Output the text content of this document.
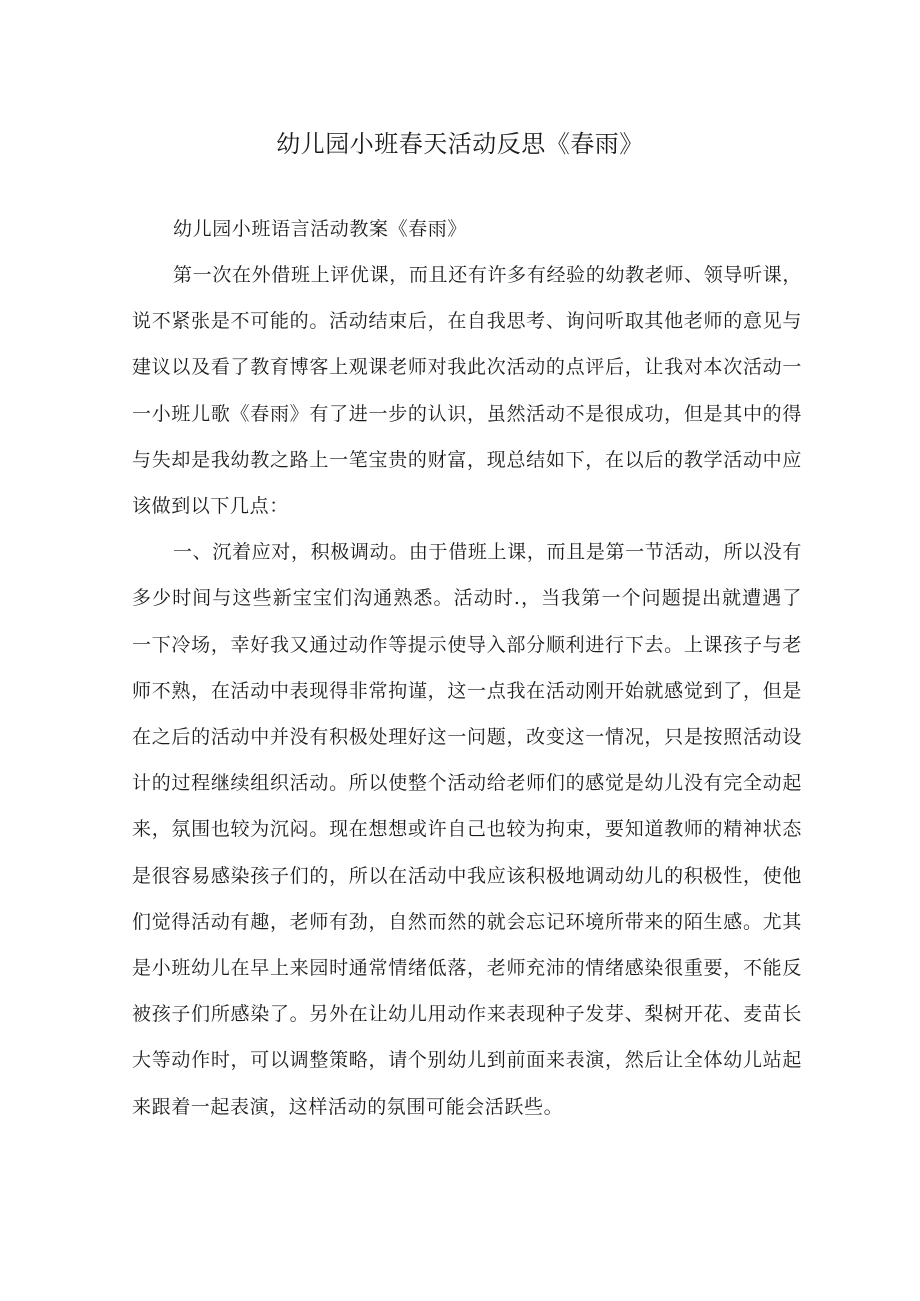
幼儿园小班春天活动反思《春雨》

幼儿园小班语言活动教案《春雨》

第一次在外借班上评优课，而且还有许多有经验的幼教老师、领导听课，说不紧张是不可能的。活动结束后，在自我思考、询问听取其他老师的意见与建议以及看了教育博客上观课老师对我此次活动的点评后，让我对本次活动一一小班儿歌《春雨》有了进一步的认识，虽然活动不是很成功，但是其中的得与失却是我幼教之路上一笔宝贵的财富，现总结如下，在以后的教学活动中应该做到以下几点：

一、沉着应对，积极调动。由于借班上课，而且是第一节活动，所以没有多少时间与这些新宝宝们沟通熟悉。活动时.，当我第一个问题提出就遭遇了一下冷场，幸好我又通过动作等提示使导入部分顺利进行下去。上课孩子与老师不熟，在活动中表现得非常拘谨，这一点我在活动刚开始就感觉到了，但是在之后的活动中并没有积极处理好这一问题，改变这一情况，只是按照活动设计的过程继续组织活动。所以使整个活动给老师们的感觉是幼儿没有完全动起来，氛围也较为沉闷。现在想想或许自己也较为拘束，要知道教师的精神状态是很容易感染孩子们的，所以在活动中我应该积极地调动幼儿的积极性，使他们觉得活动有趣，老师有劲，自然而然的就会忘记环境所带来的陌生感。尤其是小班幼儿在早上来园时通常情绪低落，老师充沛的情绪感染很重要，不能反被孩子们所感染了。另外在让幼儿用动作来表现种子发芽、梨树开花、麦苗长大等动作时，可以调整策略，请个别幼儿到前面来表演，然后让全体幼儿站起来跟着一起表演，这样活动的氛围可能会活跃些。
